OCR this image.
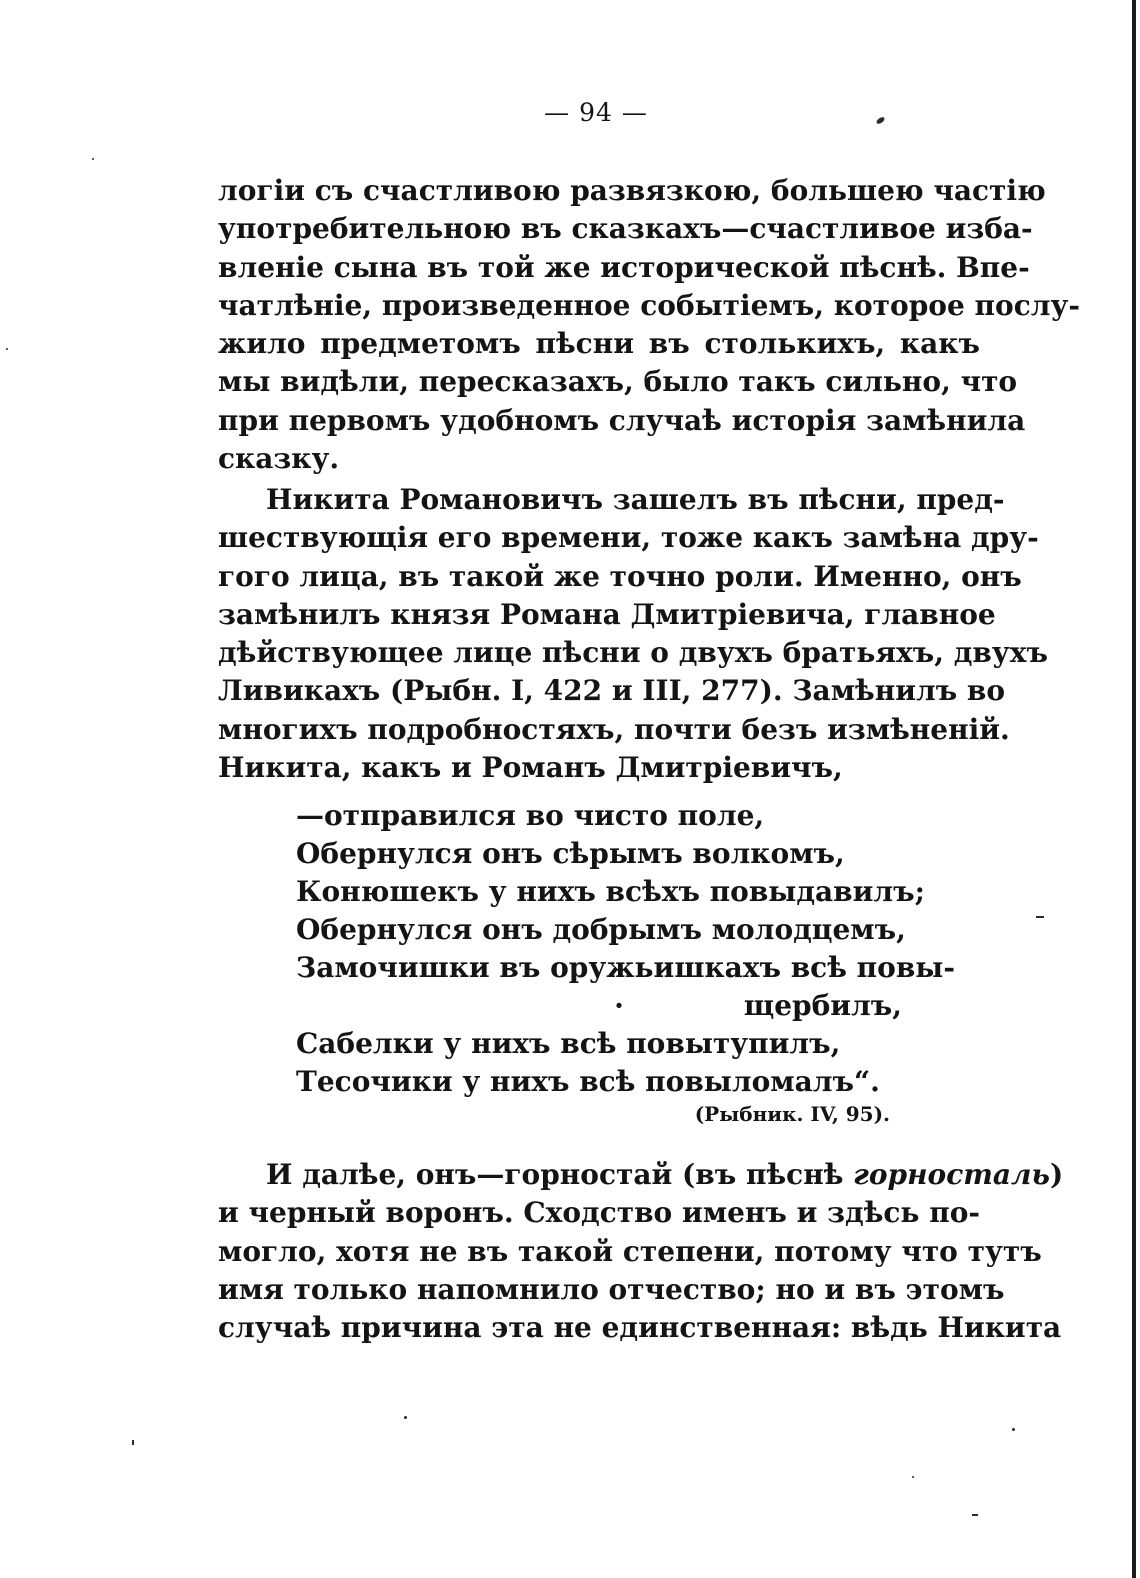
— 94 —
логіи съ счастливою развязкою, большею частію
употребительною въ сказкахъ—счастливое избa-
вленіе сына въ той же исторической пѣснѣ. Впе-
чатлѣніе, произведенное событіемъ, которое послу-
жило предметомъ пѣсни въ столькихъ, какъ
мы видѣли, пересказахъ, было такъ сильно, что
при первомъ удобномъ случаѣ исторія замѣнила
сказку.
Никита Романовичъ зашелъ въ пѣсни, пред-
шествующія его времени, тоже какъ замѣна дру-
гого лица, въ такой же точно роли. Именно, онъ
замѣнилъ князя Романа Дмитріевича, главное
дѣйствующее лице пѣсни о двухъ братьяхъ, двухъ
Ливикахъ (Рыбн. I, 422 и III, 277). Замѣнилъ во
многихъ подробностяхъ, почти безъ измѣненій.
Никита, какъ и Романъ Дмитріевичъ,
—отправился во чисто поле,
Обернулся онъ сѣрымъ волкомъ,
Конюшекъ у нихъ всѣхъ повыдавилъ;
Обернулся онъ добрымъ молодцемъ,
Замочишки въ оружьишкахъ всѣ повы-
·	щербилъ,
Сабелки у нихъ всѣ повытупилъ,
Тесочики у нихъ всѣ повыломалъ“.
(Рыбник. IV, 95).
И далѣе, онъ—горностай (въ пѣснѣ горносталь)
и черный воронъ. Сходство именъ и здѣсь по-
могло, хотя не въ такой степени, потому что тутъ
имя только напомнило отчество; но и въ этомъ
случаѣ причина эта не единственная: вѣдь Никита
